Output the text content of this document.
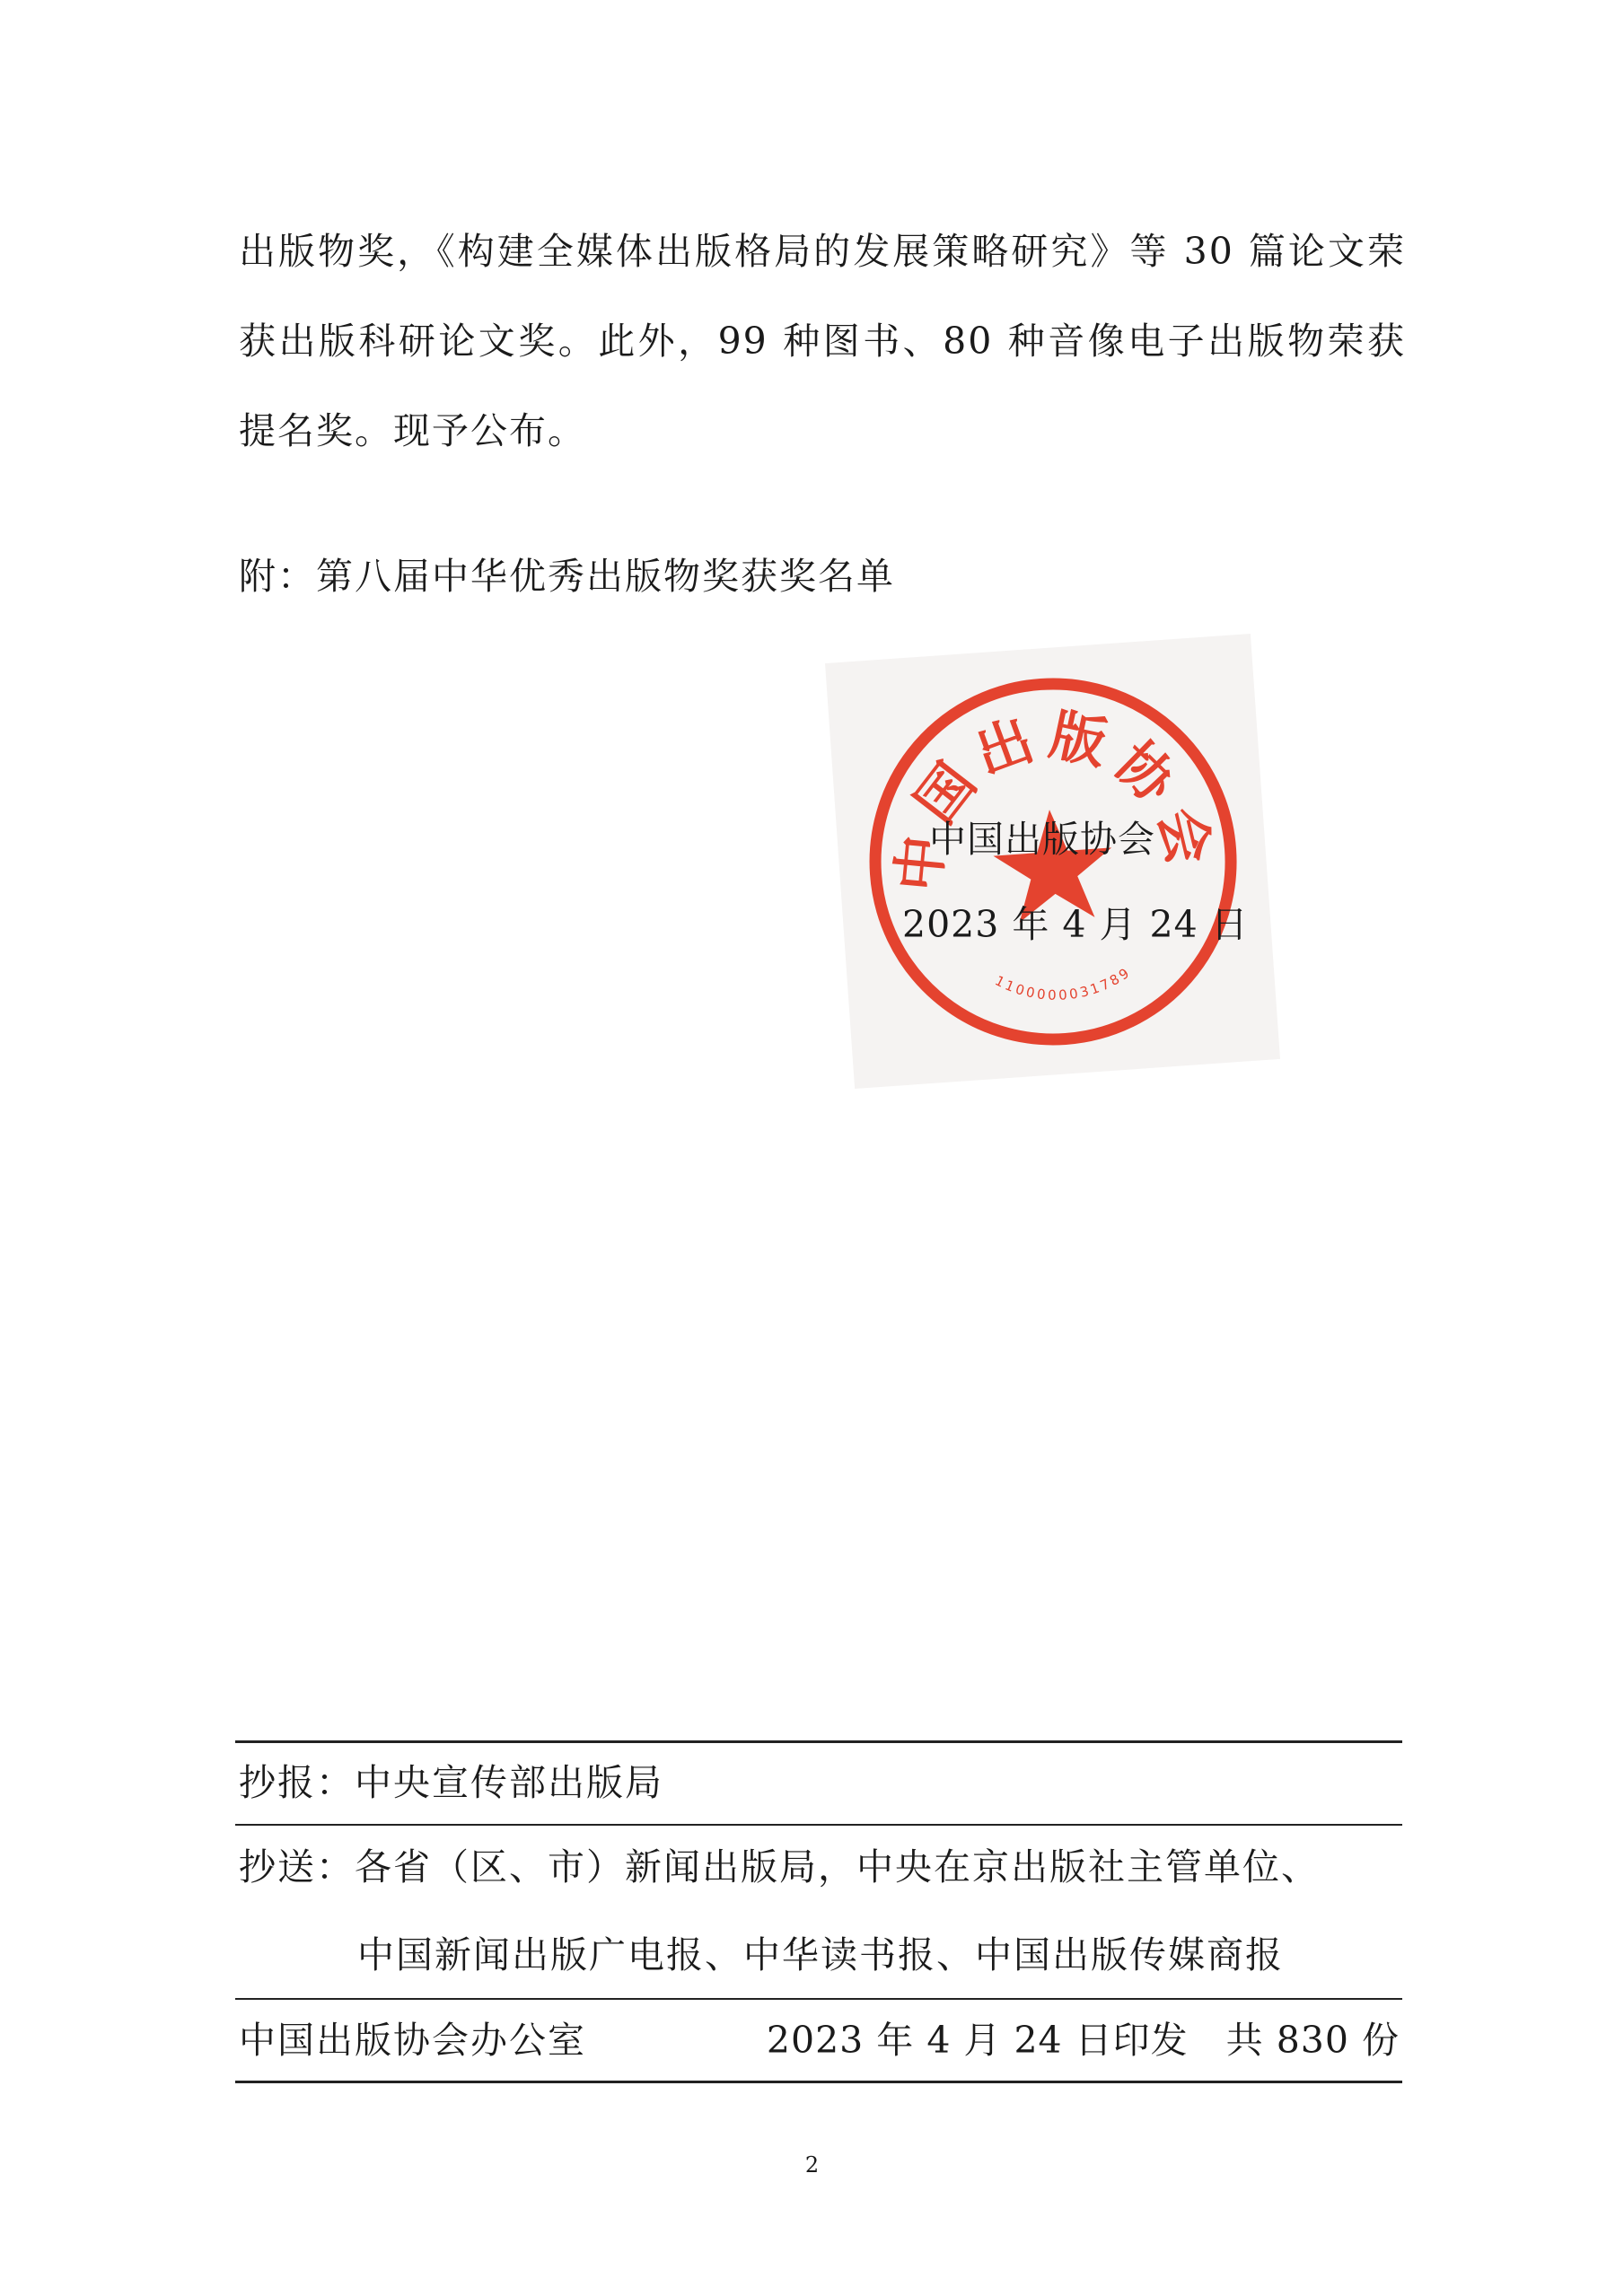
出版物奖，《构建全媒体出版格局的发展策略研究》等 30 篇论文荣获出版科研论文奖。此外，99 种图书、80 种音像电子出版物荣获提名奖。现予公布。

附：第八届中华优秀出版物奖获奖名单

中国出版协会
1100000031789

中国出版协会

2023 年 4 月 24 日

抄报：中央宣传部出版局

抄送：各省（区、市）新闻出版局，中央在京出版社主管单位、

中国新闻出版广电报、中华读书报、中国出版传媒商报

中国出版协会办公室	2023 年 4 月 24 日印发　共 830 份

2
